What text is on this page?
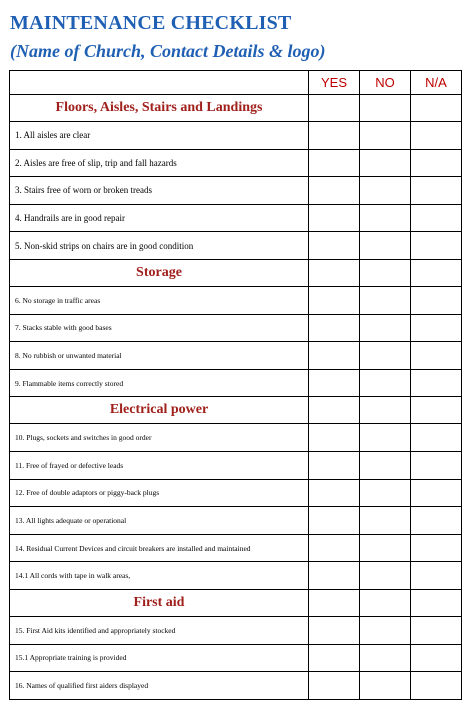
MAINTENANCE CHECKLIST
(Name of Church, Contact Details & logo)
	YES	NO	N/A
Floors, Aisles, Stairs and Landings			
1. All aisles are clear			
2. Aisles are free of slip, trip and fall hazards			
3. Stairs free of worn or broken treads			
4. Handrails are in good repair			
5. Non-skid strips on chairs are in good condition			
Storage			
6. No storage in traffic areas			
7. Stacks stable with good bases			
8. No rubbish or unwanted material			
9. Flammable items correctly stored			
Electrical power			
10. Plugs, sockets and switches in good order			
11. Free of frayed or defective leads			
12. Free of double adaptors or piggy-back plugs			
13. All lights adequate or operational			
14. Residual Current Devices and circuit breakers are installed and maintained			
14.1 All cords with tape in walk areas,			
First aid			
15. First Aid kits identified and appropriately stocked			
15.1 Appropriate training is provided			
16. Names of qualified first aiders displayed			
